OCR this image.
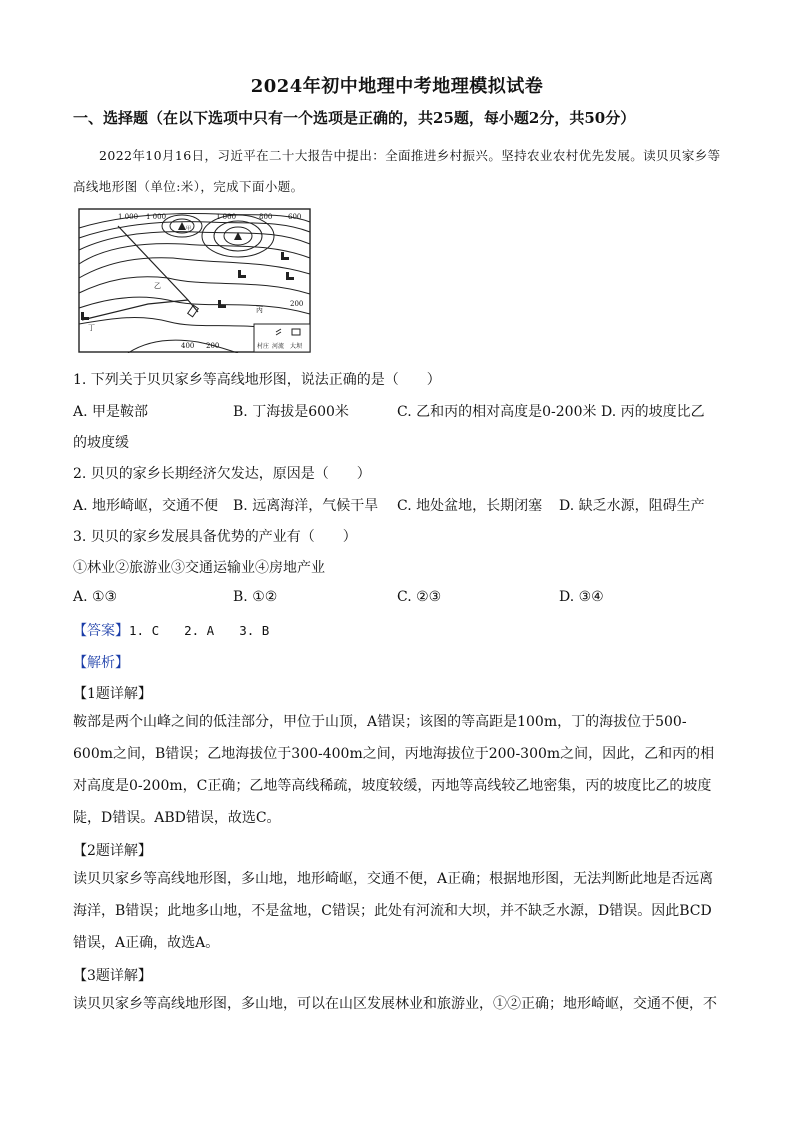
2024年初中地理中考地理模拟试卷
一、选择题（在以下选项中只有一个选项是正确的，共25题，每小题2分，共50分）
2022年10月16日，习近平在二十大报告中提出：全面推进乡村振兴。坚持农业农村优先发展。读贝贝家乡等高线地形图（单位:米），完成下面小题。
1 000 1 000	1 000	800 600
200
400 200
甲
乙
丙
丁
村庄 河流 大坝
1. 下列关于贝贝家乡等高线地形图，说法正确的是（　　）
A. 甲是鞍部	B. 丁海拔是600米	C. 乙和丙的相对高度是0-200米 D. 丙的坡度比乙
的坡度缓
2. 贝贝的家乡长期经济欠发达，原因是（　　）
A. 地形崎岖，交通不便 B. 远离海洋，气候干旱 C. 地处盆地，长期闭塞 D. 缺乏水源，阻碍生产
3. 贝贝的家乡发展具备优势的产业有（　　）
①林业②旅游业③交通运输业④房地产业
A. ①③	B. ①②	C. ②③	D. ③④
【答案】1. C　　2. A　　3. B
【解析】
【1题详解】
鞍部是两个山峰之间的低洼部分，甲位于山顶，A错误；该图的等高距是100m，丁的海拔位于500-600m之间，B错误；乙地海拔位于300-400m之间，丙地海拔位于200-300m之间，因此，乙和丙的相对高度是0-200m，C正确；乙地等高线稀疏，坡度较缓，丙地等高线较乙地密集，丙的坡度比乙的坡度陡，D错误。ABD错误，故选C。
【2题详解】
读贝贝家乡等高线地形图，多山地，地形崎岖，交通不便，A正确；根据地形图，无法判断此地是否远离海洋，B错误；此地多山地，不是盆地，C错误；此处有河流和大坝，并不缺乏水源，D错误。因此BCD错误，A正确，故选A。
【3题详解】
读贝贝家乡等高线地形图，多山地，可以在山区发展林业和旅游业，①②正确；地形崎岖，交通不便，不
